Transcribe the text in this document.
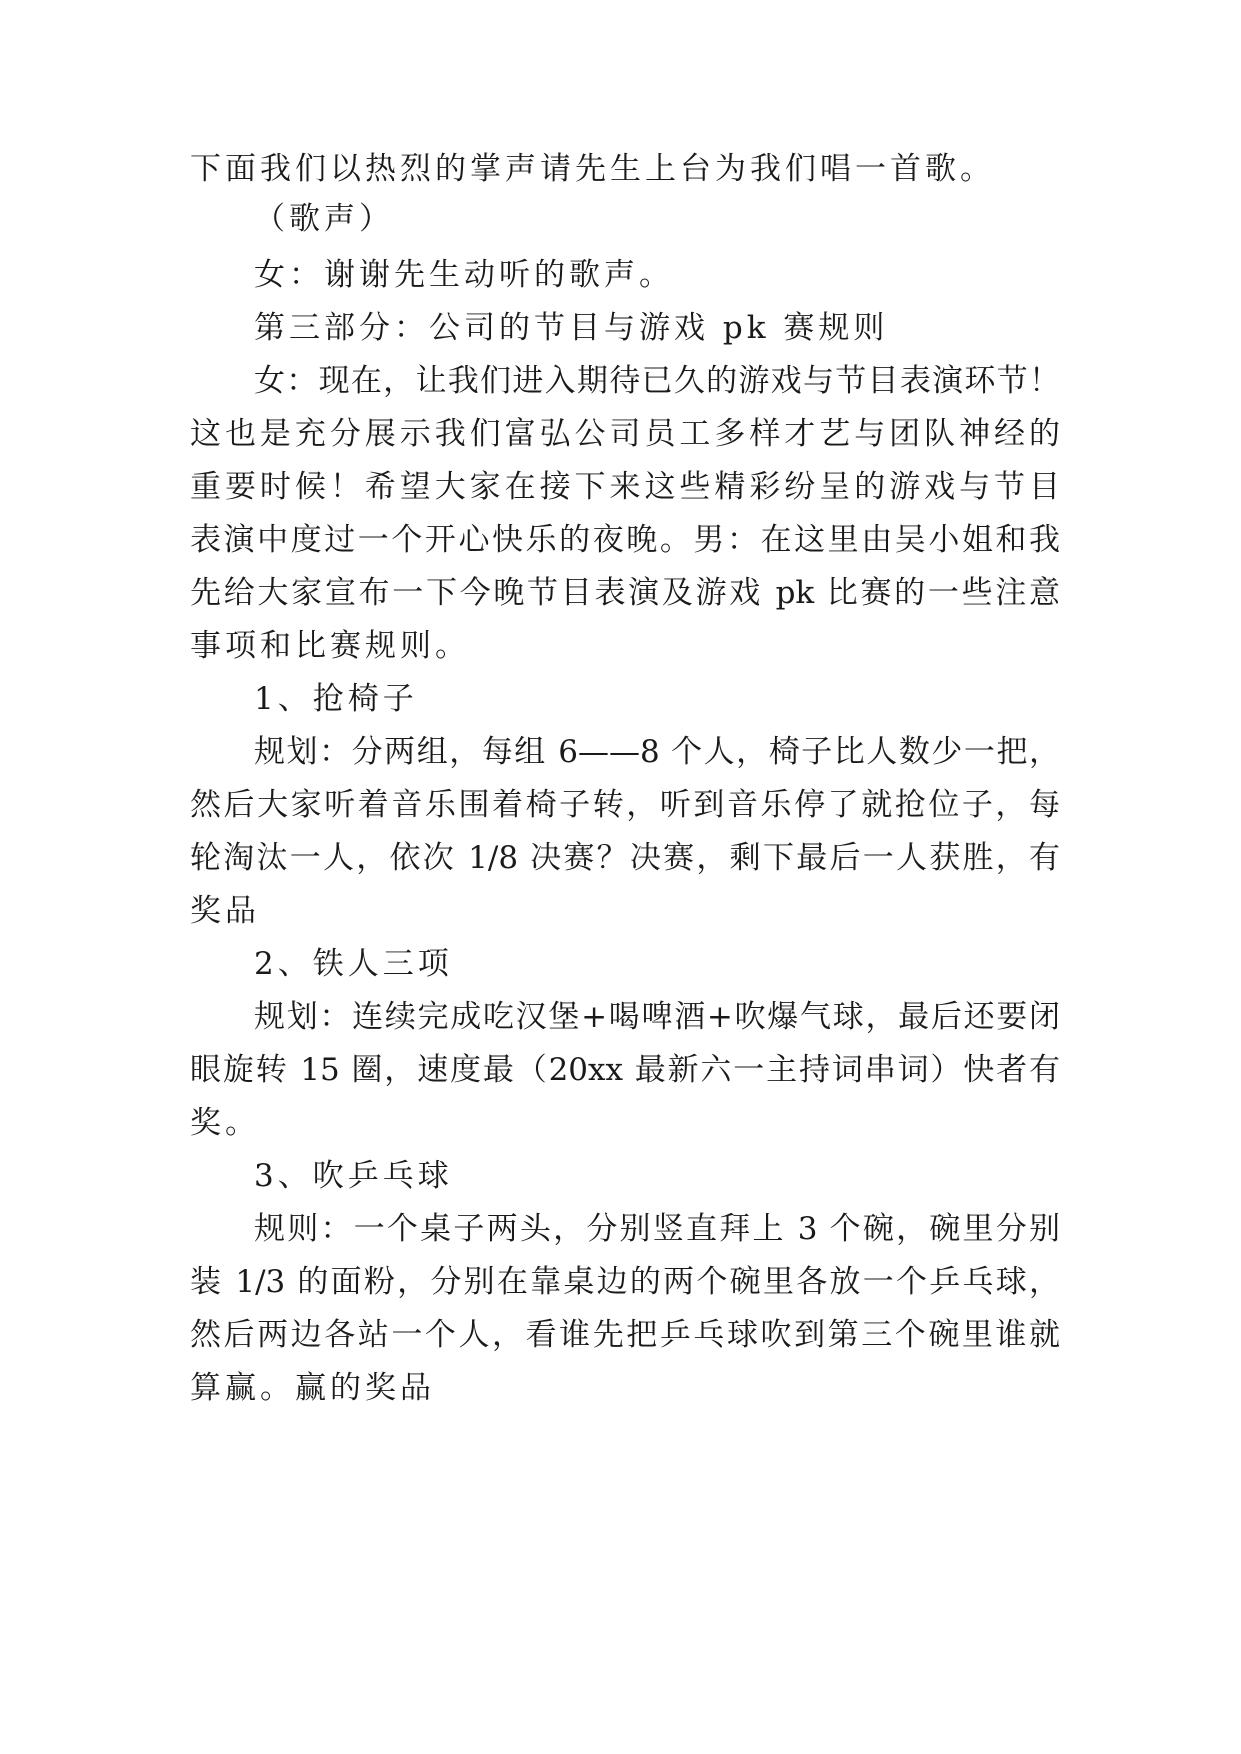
下面我们以热烈的掌声请先生上台为我们唱一首歌。
（歌声）
女：谢谢先生动听的歌声。
第三部分：公司的节目与游戏 pk 赛规则
女：现在，让我们进入期待已久的游戏与节目表演环节！
这也是充分展示我们富弘公司员工多样才艺与团队神经的
重要时候！希望大家在接下来这些精彩纷呈的游戏与节目
表演中度过一个开心快乐的夜晚。男：在这里由吴小姐和我
先给大家宣布一下今晚节目表演及游戏 pk 比赛的一些注意
事项和比赛规则。
1、抢椅子
规划：分两组，每组 6——8 个人，椅子比人数少一把，
然后大家听着音乐围着椅子转，听到音乐停了就抢位子，每
轮淘汰一人，依次 1/8 决赛？决赛，剩下最后一人获胜，有
奖品
2、铁人三项
规划：连续完成吃汉堡+喝啤酒+吹爆气球，最后还要闭
眼旋转 15 圈，速度最（20xx 最新六一主持词串词）快者有
奖。
3、吹乒乓球
规则：一个桌子两头，分别竖直拜上 3 个碗，碗里分别
装 1/3 的面粉，分别在靠桌边的两个碗里各放一个乒乓球，
然后两边各站一个人，看谁先把乒乓球吹到第三个碗里谁就
算赢。赢的奖品
